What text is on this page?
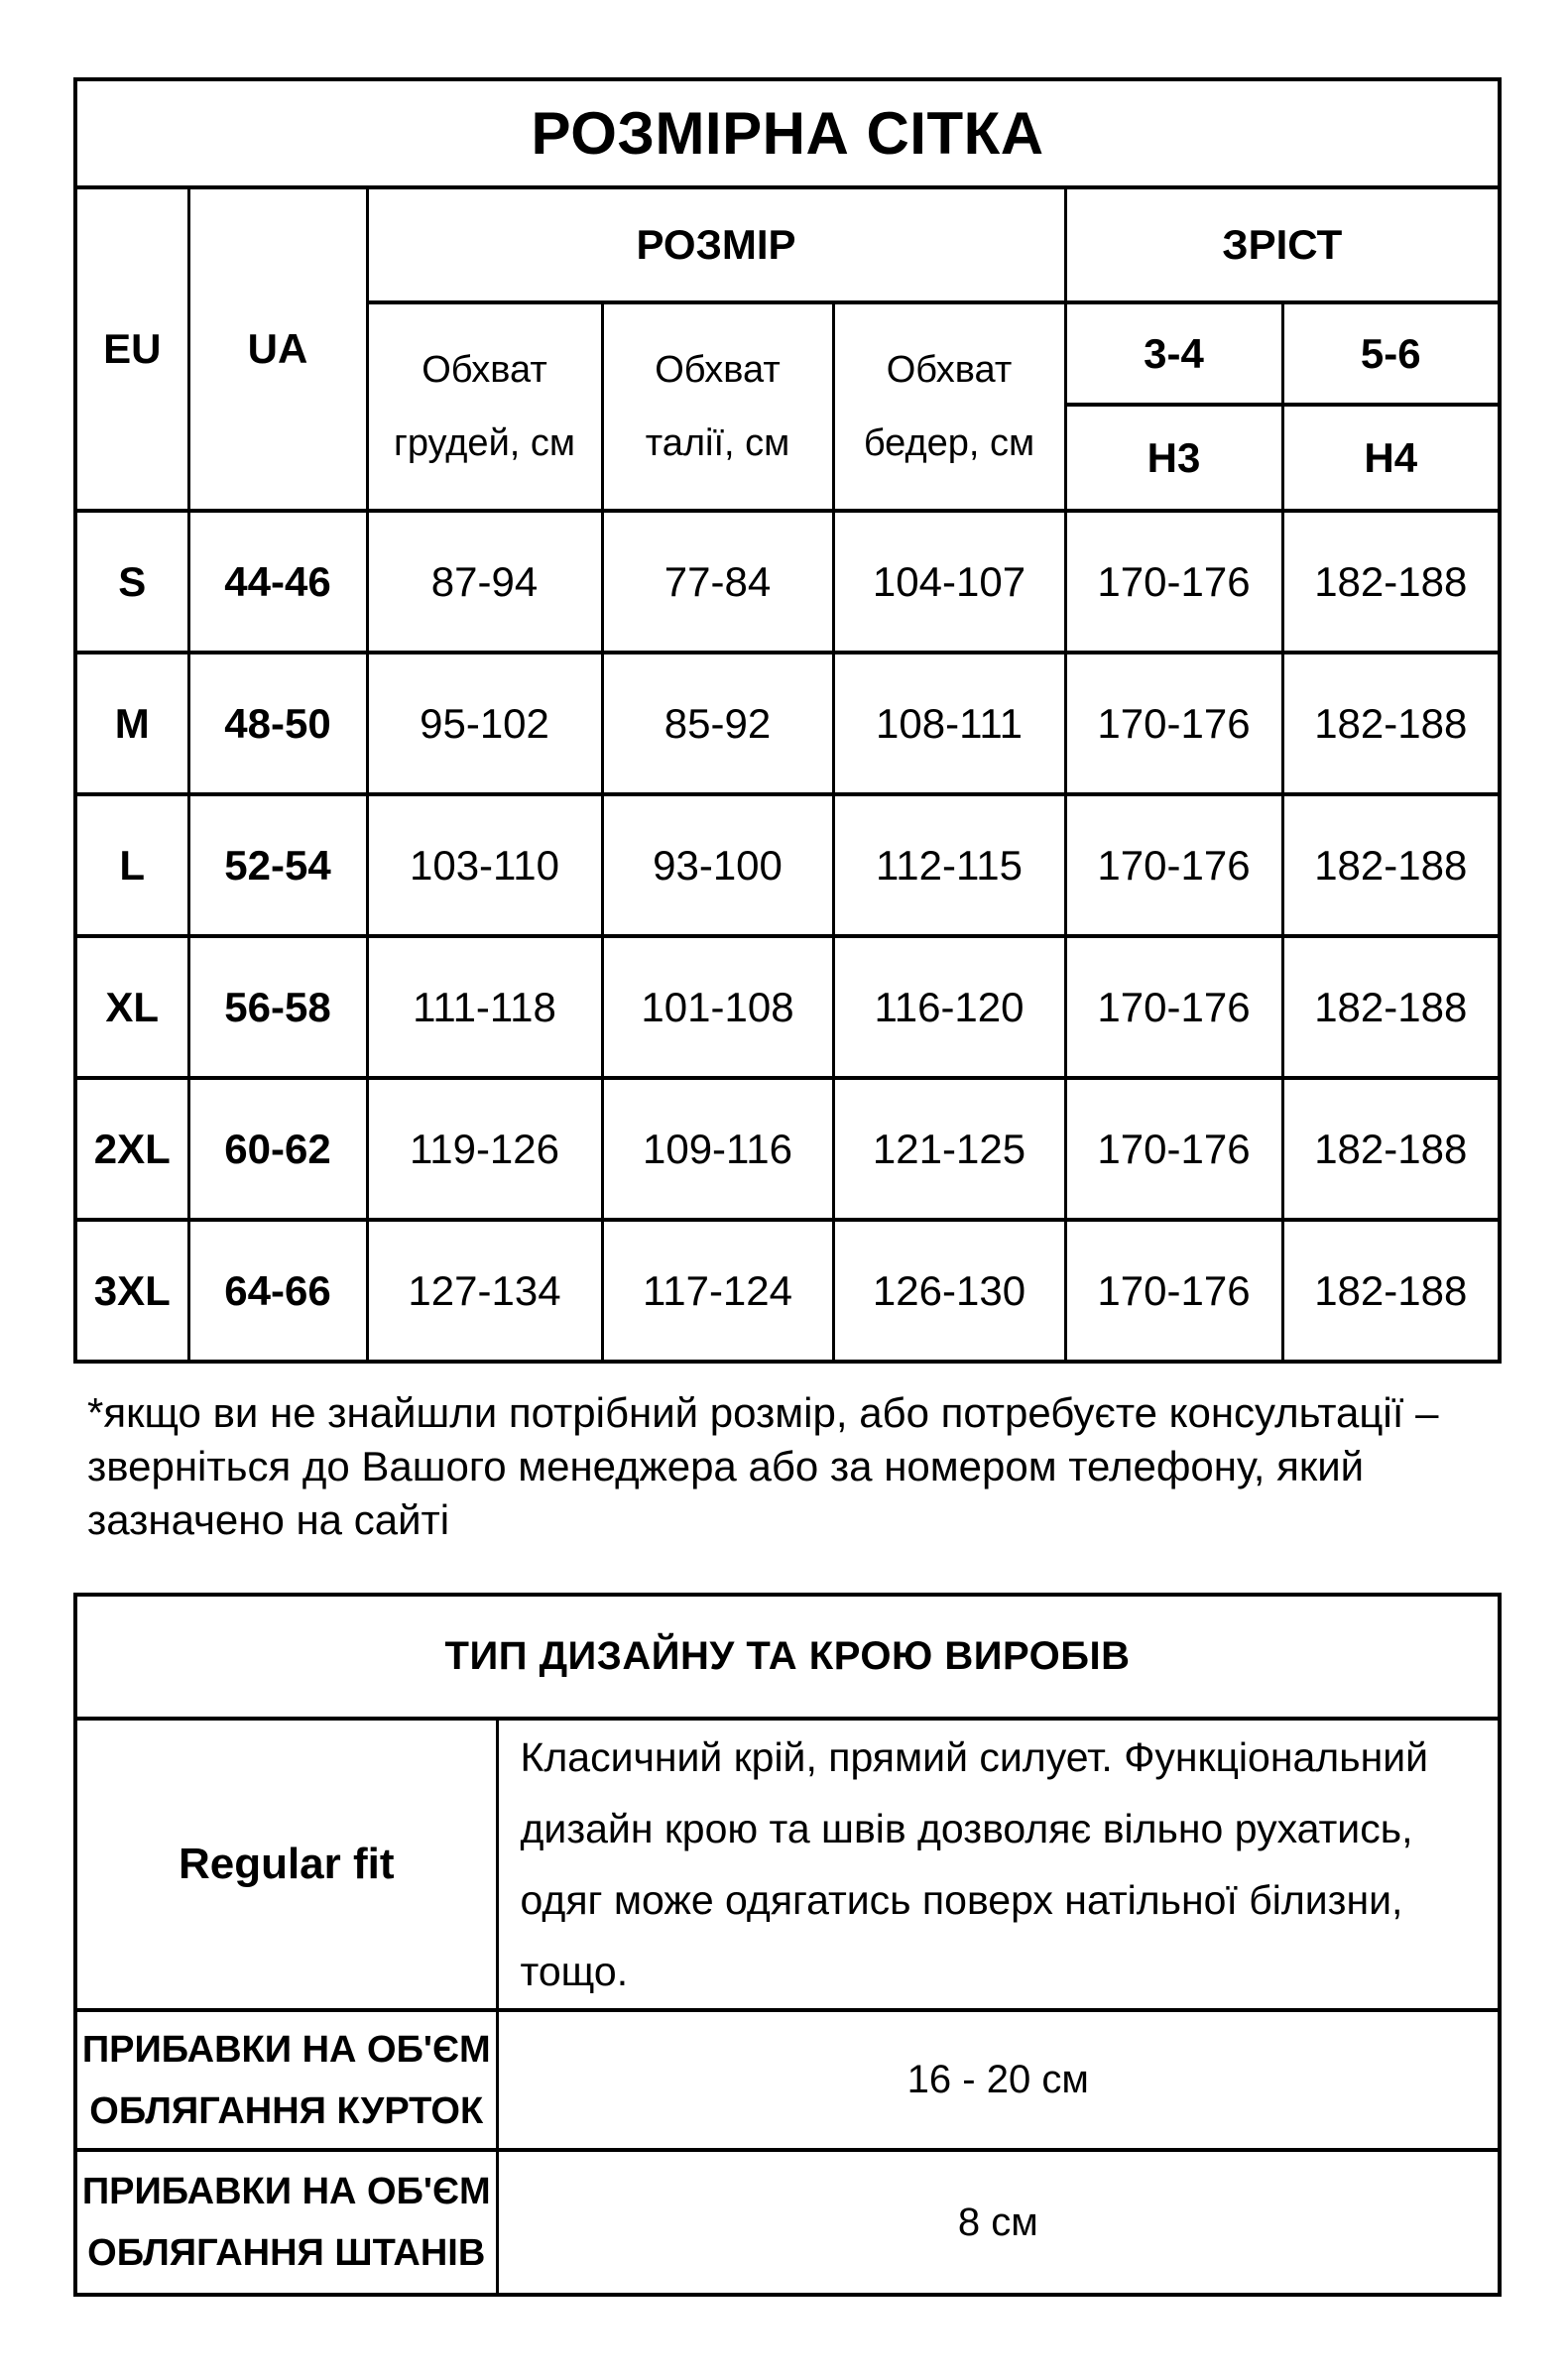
РОЗМІРНА СІТКА						
EU	UA	РОЗМІР			ЗРІСТ	
		Обхват грудей, см	Обхват талії, см	Обхват бедер, см	3-4	5-6
					Н3	Н4
S	44-46	87-94	77-84	104-107	170-176	182-188
M	48-50	95-102	85-92	108-111	170-176	182-188
L	52-54	103-110	93-100	112-115	170-176	182-188
XL	56-58	111-118	101-108	116-120	170-176	182-188
2XL	60-62	119-126	109-116	121-125	170-176	182-188
3XL	64-66	127-134	117-124	126-130	170-176	182-188
*якщо ви не знайшли потрібний розмір, або потребуєте консультації –
зверніться до Вашого менеджера або за номером телефону, який
зазначено на сайті
ТИП ДИЗАЙНУ ТА КРОЮ ВИРОБІВ	
Regular fit	Класичний крій, прямий силует. Функціональний
дизайн крою та швів дозволяє вільно рухатись,
одяг може одягатись поверх натільної білизни,
тощо.

ПРИБАВКИ НА ОБ'ЄМ
ОБЛЯГАННЯ КУРТОК	16 - 20 см

ПРИБАВКИ НА ОБ'ЄМ
ОБЛЯГАННЯ ШТАНІВ	8 см
